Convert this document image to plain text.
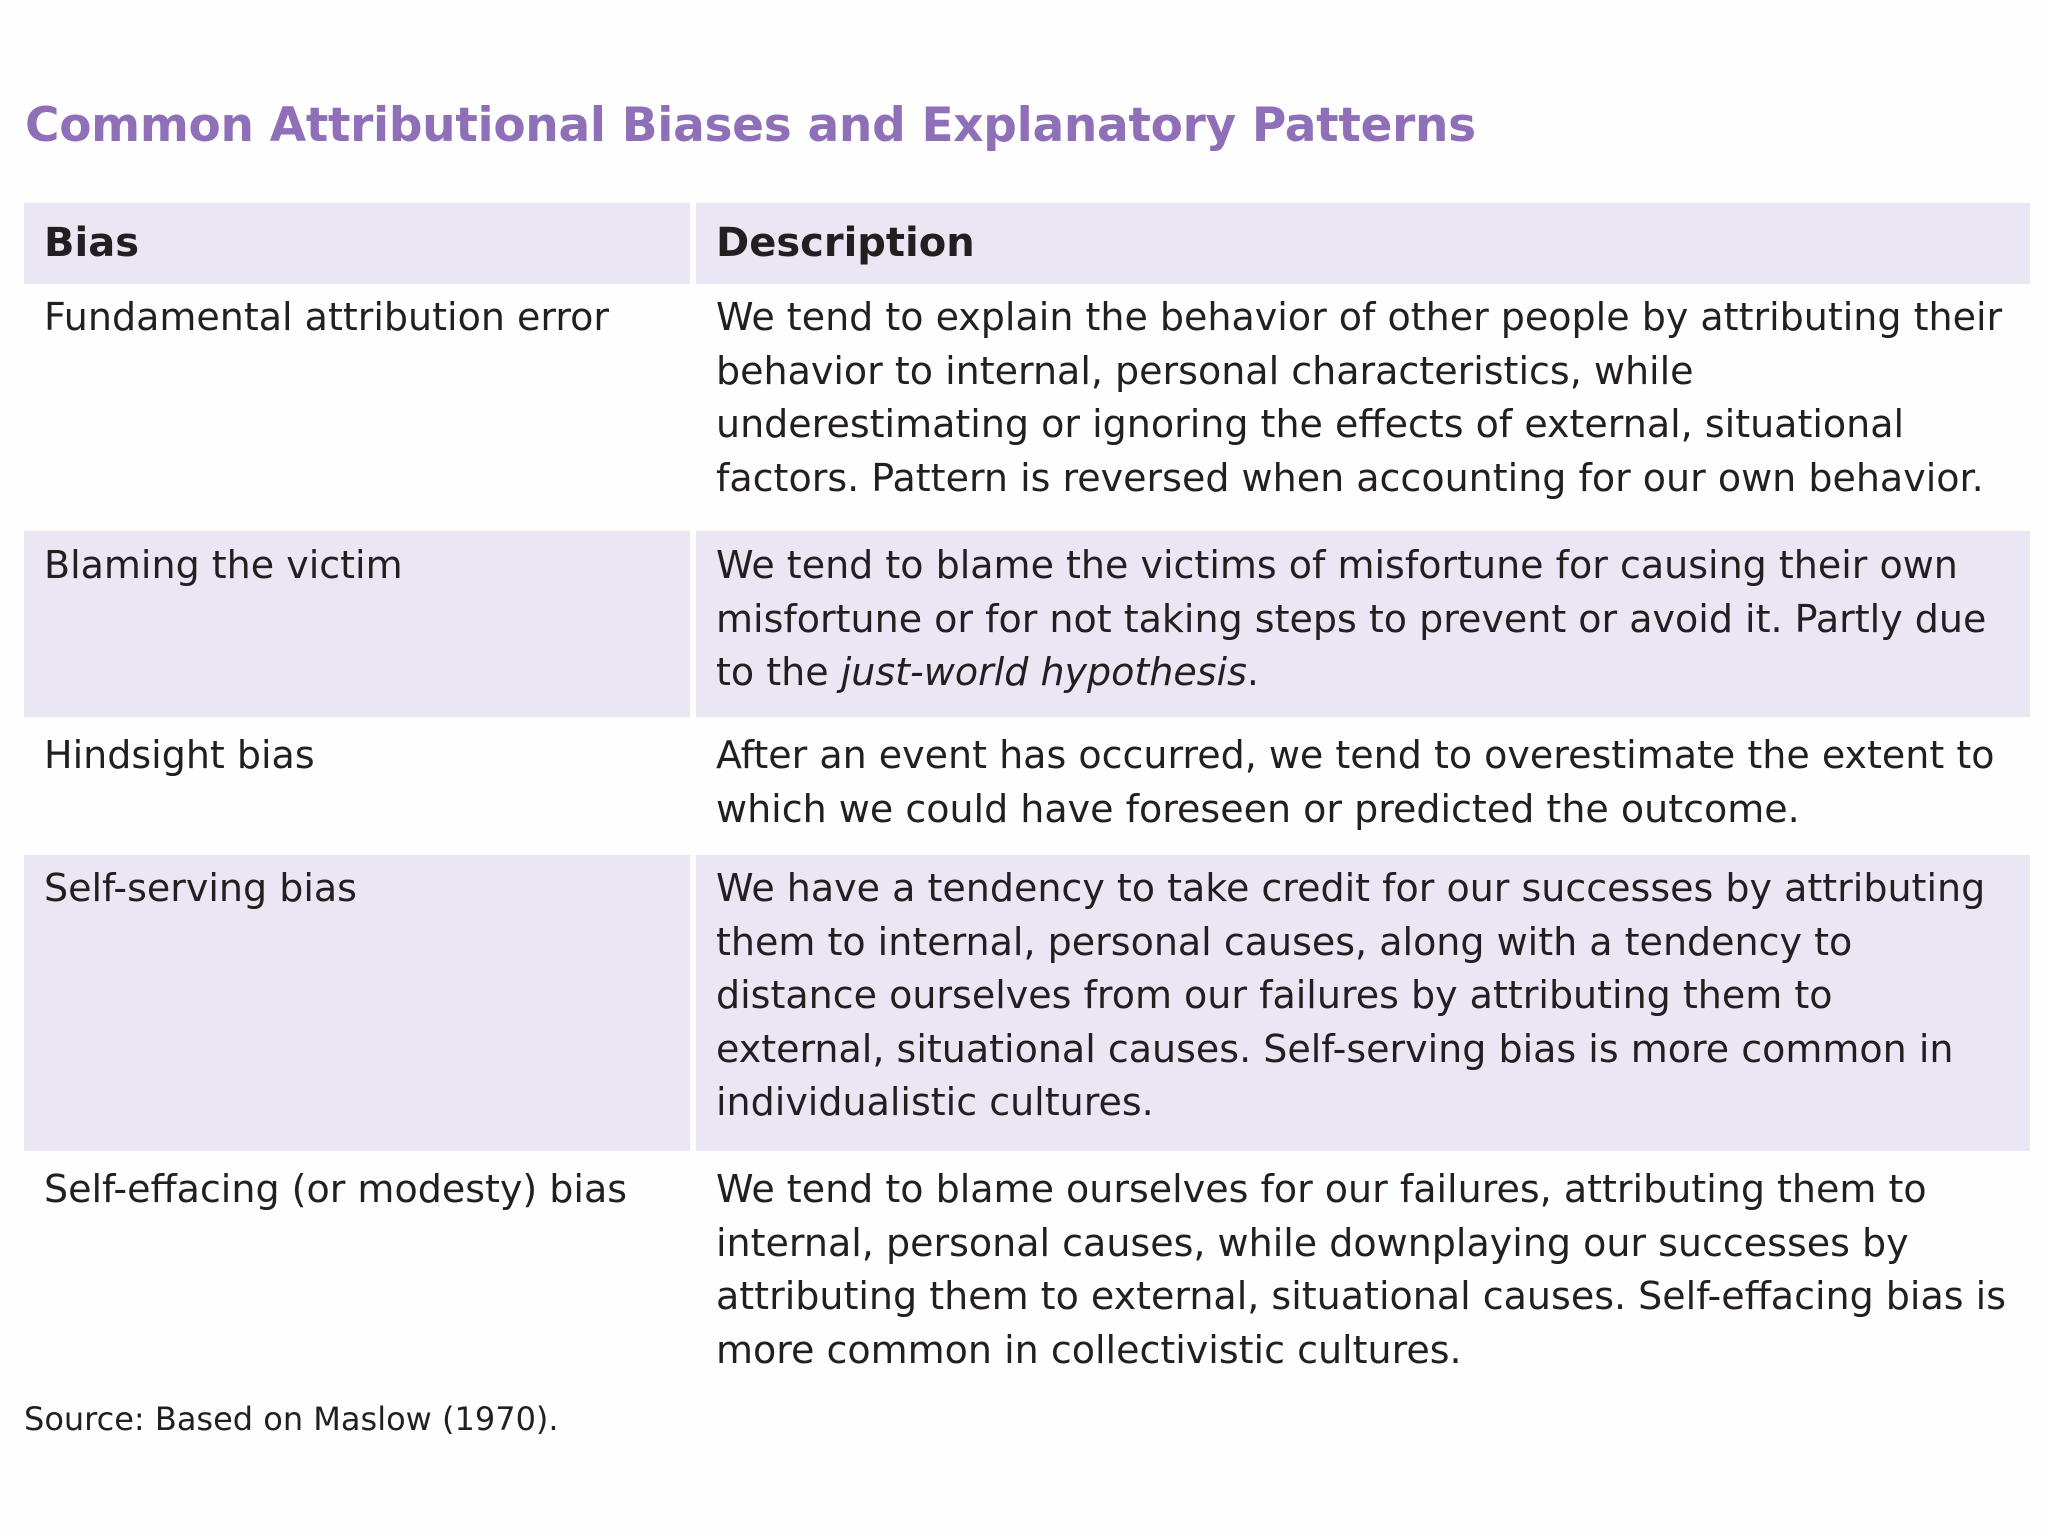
Common Attributional Biases and Explanatory Patterns
Bias	Description
Fundamental attribution error	We tend to explain the behavior of other people by attributing their behavior to internal, personal characteristics, while underestimating or ignoring the effects of external, situational factors. Pattern is reversed when accounting for our own behavior.
Blaming the victim	We tend to blame the victims of misfortune for causing their own misfortune or for not taking steps to prevent or avoid it. Partly due to the just-world hypothesis.
Hindsight bias	After an event has occurred, we tend to overestimate the extent to which we could have foreseen or predicted the outcome.
Self-serving bias	We have a tendency to take credit for our successes by attributing them to internal, personal causes, along with a tendency to distance ourselves from our failures by attributing them to external, situational causes. Self-serving bias is more common in individualistic cultures.
Self-effacing (or modesty) bias	We tend to blame ourselves for our failures, attributing them to internal, personal causes, while downplaying our successes by attributing them to external, situational causes. Self-effacing bias is more common in collectivistic cultures.
Source: Based on Maslow (1970).
